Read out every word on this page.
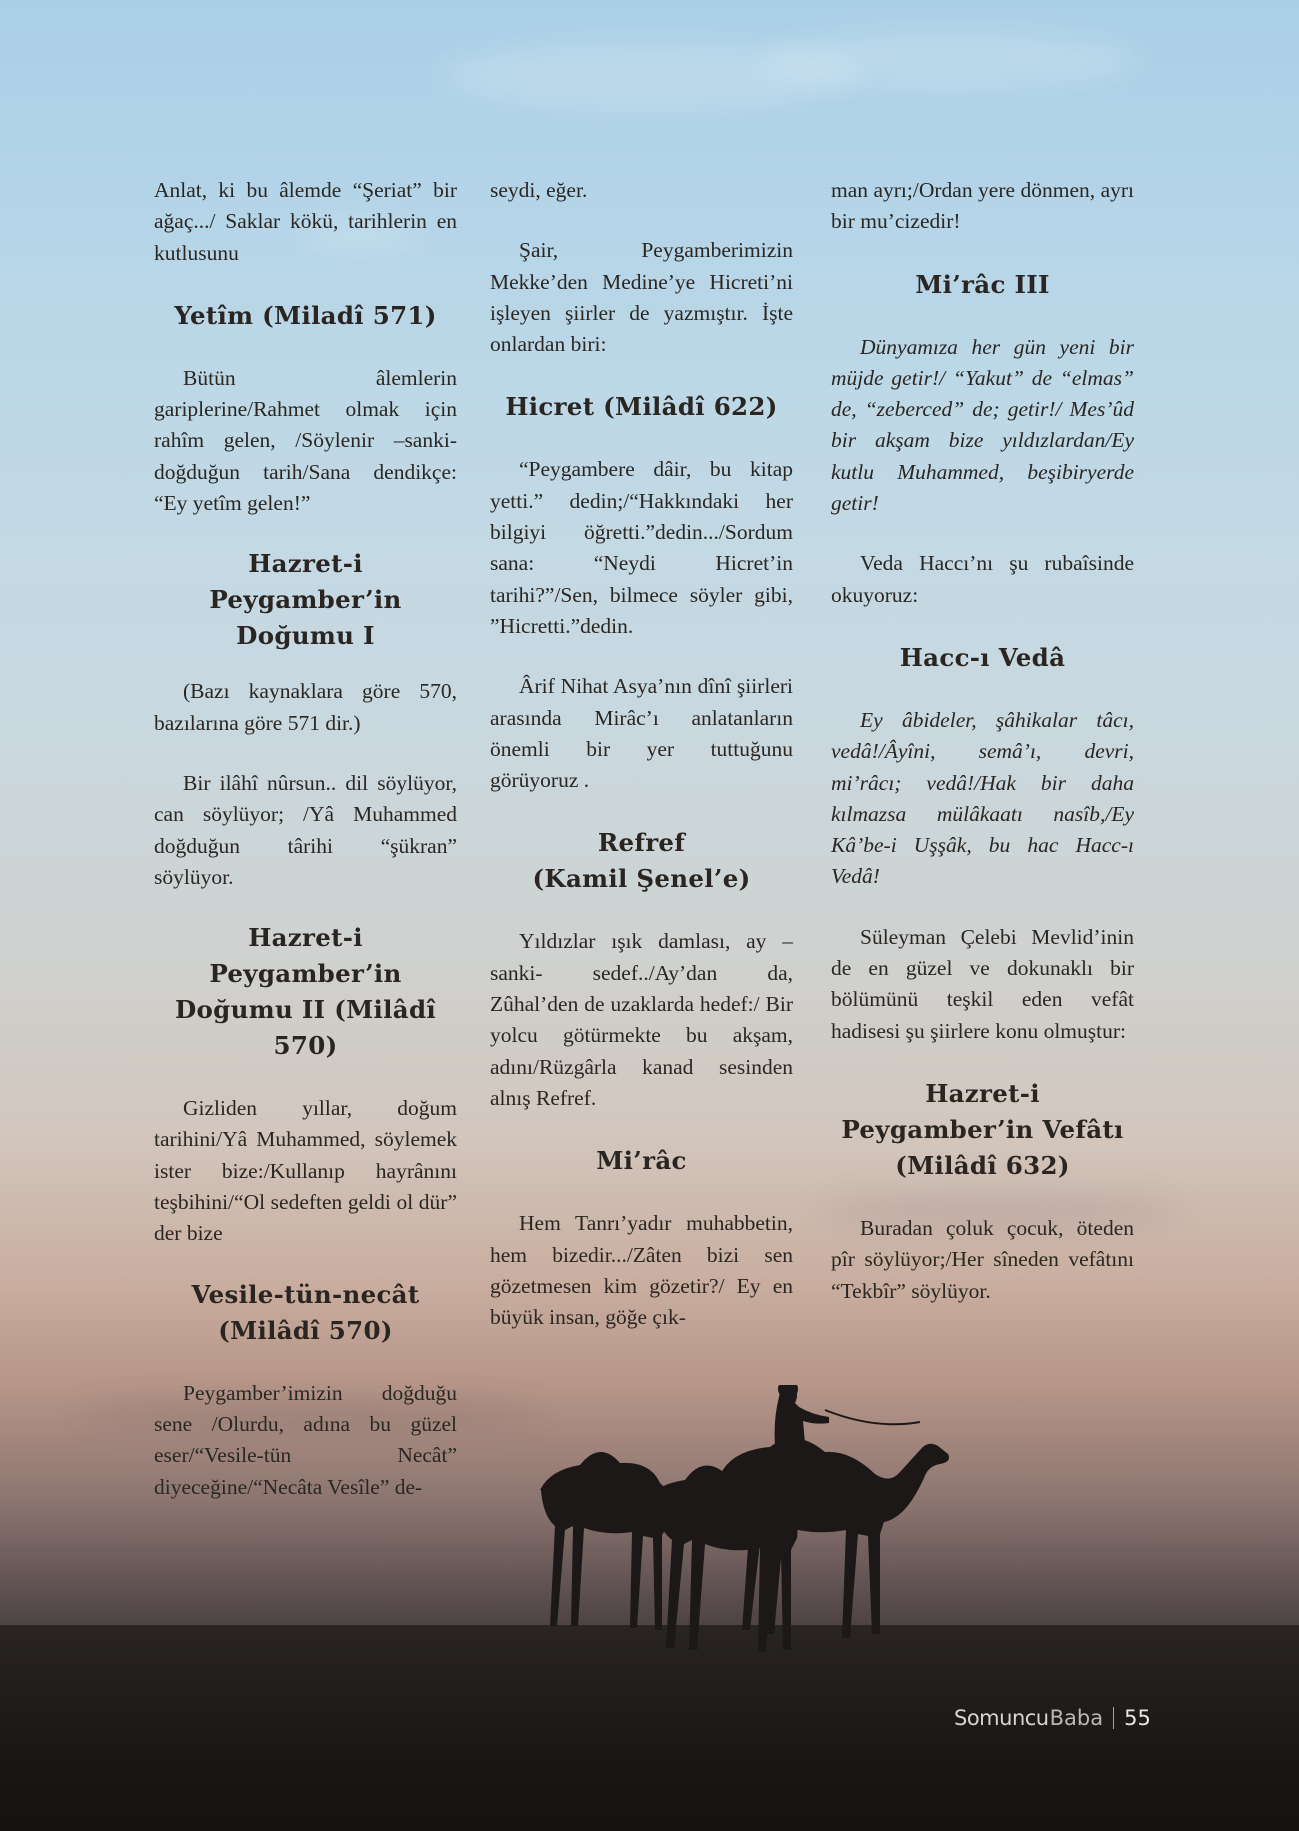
Anlat, ki bu âlemde “Şeriat” bir ağaç.../ Saklar kökü, tarihlerin en kutlusunu

Yetîm (Miladî 571)

Bütün âlemlerin gariplerine/Rahmet olmak için rahîm gelen, /Söylenir –sanki- doğduğun tarih/Sana dendikçe: “Ey yetîm gelen!”

Hazret-i Peygamber’in Doğumu I

(Bazı kaynaklara göre 570, bazılarına göre 571 dir.)

Bir ilâhî nûrsun.. dil söylüyor, can söylüyor; /Yâ Muhammed doğduğun târihi “şükran” söylüyor.

Hazret-i Peygamber’in Doğumu II (Milâdî 570)

Gizliden yıllar, doğum tarihini/Yâ Muhammed, söylemek ister bize:/Kullanıp hayrânını teşbihini/“Ol sedeften geldi ol dür” der bize

Vesile-tün-necât (Milâdî 570)

Peygamber’imizin doğduğu sene /Olurdu, adına bu güzel eser/“Vesile-tün Necât” diyeceğine/“Necâta Vesîle” de-

seydi, eğer.

Şair, Peygamberimizin Mekke’den Medine’ye Hicreti’ni işleyen şiirler de yazmıştır. İşte onlardan biri:

Hicret (Milâdî 622)

“Peygambere dâir, bu kitap yetti.” dedin;/“Hakkındaki her bilgiyi öğretti.”dedin.../Sordum sana: “Neydi Hicret’in tarihi?”/Sen, bilmece söyler gibi, ”Hicretti.”dedin.

Ârif Nihat Asya’nın dînî şiirleri arasında Mirâc’ı anlatanların önemli bir yer tuttuğunu görüyoruz .

Refref
(Kamil Şenel’e)

Yıldızlar ışık damlası, ay –sanki- sedef../Ay’dan da, Zûhal’den de uzaklarda hedef:/ Bir yolcu götürmekte bu akşam, adını/Rüzgârla kanad sesinden alnış Refref.

Mi’râc

Hem Tanrı’yadır muhabbetin, hem bizedir.../Zâten bizi sen gözetmesen kim gözetir?/ Ey en büyük insan, göğe çık-

man ayrı;/Ordan yere dönmen, ayrı bir mu’cizedir!

Mi’râc III

Dünyamıza her gün yeni bir müjde getir!/ “Yakut” de “elmas” de, “zeberced” de; getir!/ Mes’ûd bir akşam bize yıldızlardan/Ey kutlu Muhammed, beşibiryerde getir!

Veda Haccı’nı şu rubaîsinde okuyoruz:

Hacc-ı Vedâ

Ey âbideler, şâhikalar tâcı, vedâ!/Âyîni, semâ’ı, devri, mi’râcı; vedâ!/Hak bir daha kılmazsa mülâkaatı nasîb,/Ey Kâ’be-i Uşşâk, bu hac Hacc-ı Vedâ!

Süleyman Çelebi Mevlid’inin de en güzel ve dokunaklı bir bölümünü teşkil eden vefât hadisesi şu şiirlere konu olmuştur:

Hazret-i Peygamber’in Vefâtı (Milâdî 632)

Buradan çoluk çocuk, öteden pîr söylüyor;/Her sîneden vefâtını “Tekbîr” söylüyor.

Somuncu Baba 55
